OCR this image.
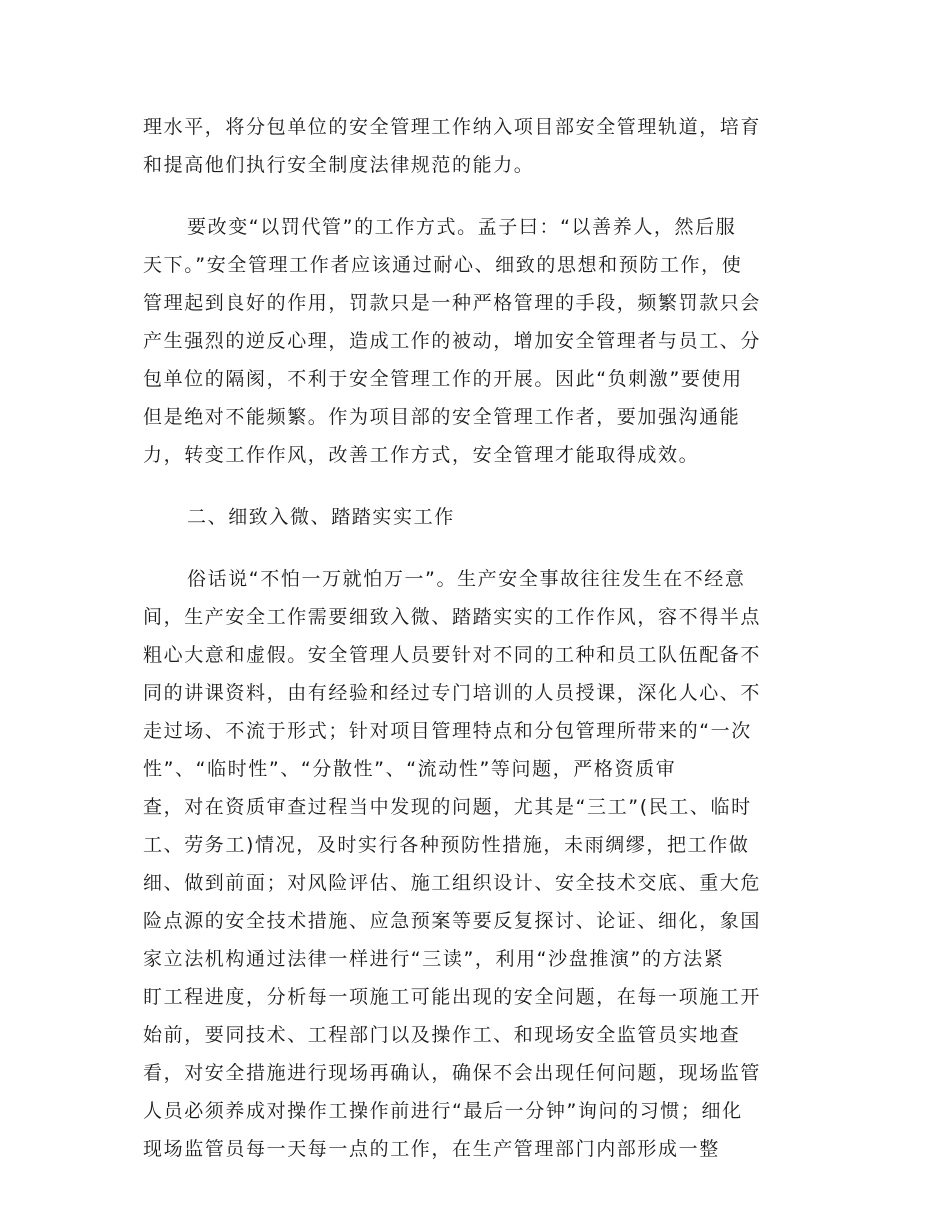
理水平，将分包单位的安全管理工作纳入项目部安全管理轨道，培育
和提高他们执行安全制度法律规范的能力。

要改变“以罚代管”的工作方式。孟子曰：“以善养人，然后服
天下。”安全管理工作者应该通过耐心、细致的思想和预防工作，使
管理起到良好的作用，罚款只是一种严格管理的手段，频繁罚款只会
产生强烈的逆反心理，造成工作的被动，增加安全管理者与员工、分
包单位的隔阂，不利于安全管理工作的开展。因此“负刺激”要使用
但是绝对不能频繁。作为项目部的安全管理工作者，要加强沟通能
力，转变工作作风，改善工作方式，安全管理才能取得成效。

二、细致入微、踏踏实实工作

俗话说“不怕一万就怕万一”。生产安全事故往往发生在不经意
间，生产安全工作需要细致入微、踏踏实实的工作作风，容不得半点
粗心大意和虚假。安全管理人员要针对不同的工种和员工队伍配备不
同的讲课资料，由有经验和经过专门培训的人员授课，深化人心、不
走过场、不流于形式；针对项目管理特点和分包管理所带来的“一次
性”、“临时性”、“分散性”、“流动性”等问题，严格资质审
查，对在资质审查过程当中发现的问题，尤其是“三工”(民工、临时
工、劳务工)情况，及时实行各种预防性措施，未雨绸缪，把工作做
细、做到前面；对风险评估、施工组织设计、安全技术交底、重大危
险点源的安全技术措施、应急预案等要反复探讨、论证、细化，象国
家立法机构通过法律一样进行“三读”，利用“沙盘推演”的方法紧
盯工程进度，分析每一项施工可能出现的安全问题，在每一项施工开
始前，要同技术、工程部门以及操作工、和现场安全监管员实地查
看，对安全措施进行现场再确认，确保不会出现任何问题，现场监管
人员必须养成对操作工操作前进行“最后一分钟”询问的习惯；细化
现场监管员每一天每一点的工作，在生产管理部门内部形成一整
